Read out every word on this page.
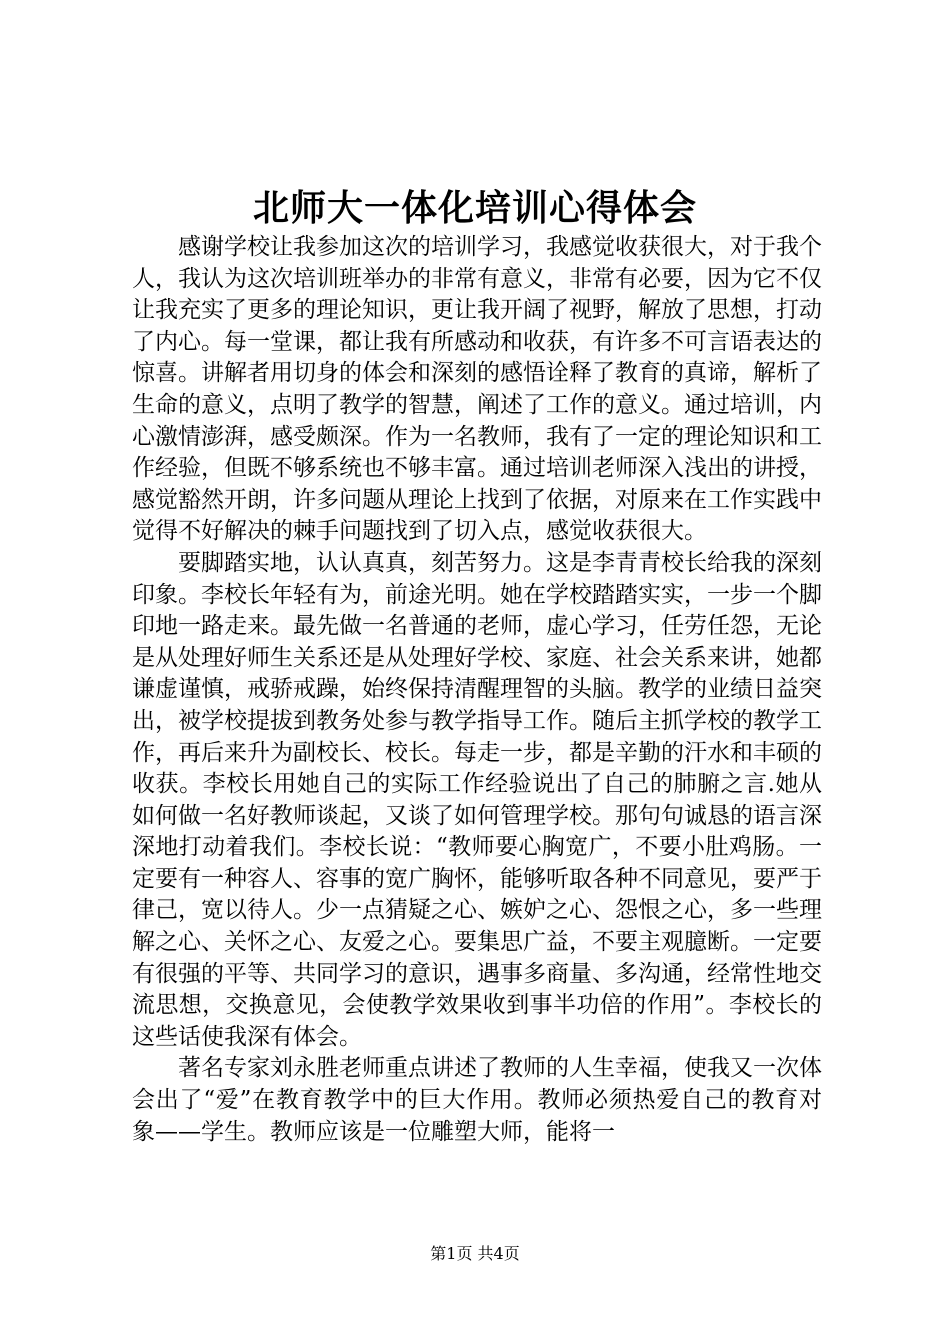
北师大一体化培训心得体会

感谢学校让我参加这次的培训学习，我感觉收获很大，对于我个人，我认为这次培训班举办的非常有意义，非常有必要，因为它不仅让我充实了更多的理论知识，更让我开阔了视野，解放了思想，打动了内心。每一堂课，都让我有所感动和收获，有许多不可言语表达的惊喜。讲解者用切身的体会和深刻的感悟诠释了教育的真谛，解析了生命的意义，点明了教学的智慧，阐述了工作的意义。通过培训，内心激情澎湃，感受颇深。作为一名教师，我有了一定的理论知识和工作经验，但既不够系统也不够丰富。通过培训老师深入浅出的讲授，感觉豁然开朗，许多问题从理论上找到了依据，对原来在工作实践中觉得不好解决的棘手问题找到了切入点，感觉收获很大。

要脚踏实地，认认真真，刻苦努力。这是李青青校长给我的深刻印象。李校长年轻有为，前途光明。她在学校踏踏实实，一步一个脚印地一路走来。最先做一名普通的老师，虚心学习，任劳任怨，无论是从处理好师生关系还是从处理好学校、家庭、社会关系来讲，她都谦虚谨慎，戒骄戒躁，始终保持清醒理智的头脑。教学的业绩日益突出，被学校提拔到教务处参与教学指导工作。随后主抓学校的教学工作，再后来升为副校长、校长。每走一步，都是辛勤的汗水和丰硕的收获。李校长用她自己的实际工作经验说出了自己的肺腑之言.她从如何做一名好教师谈起，又谈了如何管理学校。那句句诚恳的语言深深地打动着我们。李校长说：“教师要心胸宽广，不要小肚鸡肠。一定要有一种容人、容事的宽广胸怀，能够听取各种不同意见，要严于律己，宽以待人。少一点猜疑之心、嫉妒之心、怨恨之心，多一些理解之心、关怀之心、友爱之心。要集思广益，不要主观臆断。一定要有很强的平等、共同学习的意识，遇事多商量、多沟通，经常性地交流思想，交换意见，会使教学效果收到事半功倍的作用”。李校长的这些话使我深有体会。

著名专家刘永胜老师重点讲述了教师的人生幸福，使我又一次体会出了“爱”在教育教学中的巨大作用。教师必须热爱自己的教育对象——学生。教师应该是一位雕塑大师，能将一

第1页 共4页
